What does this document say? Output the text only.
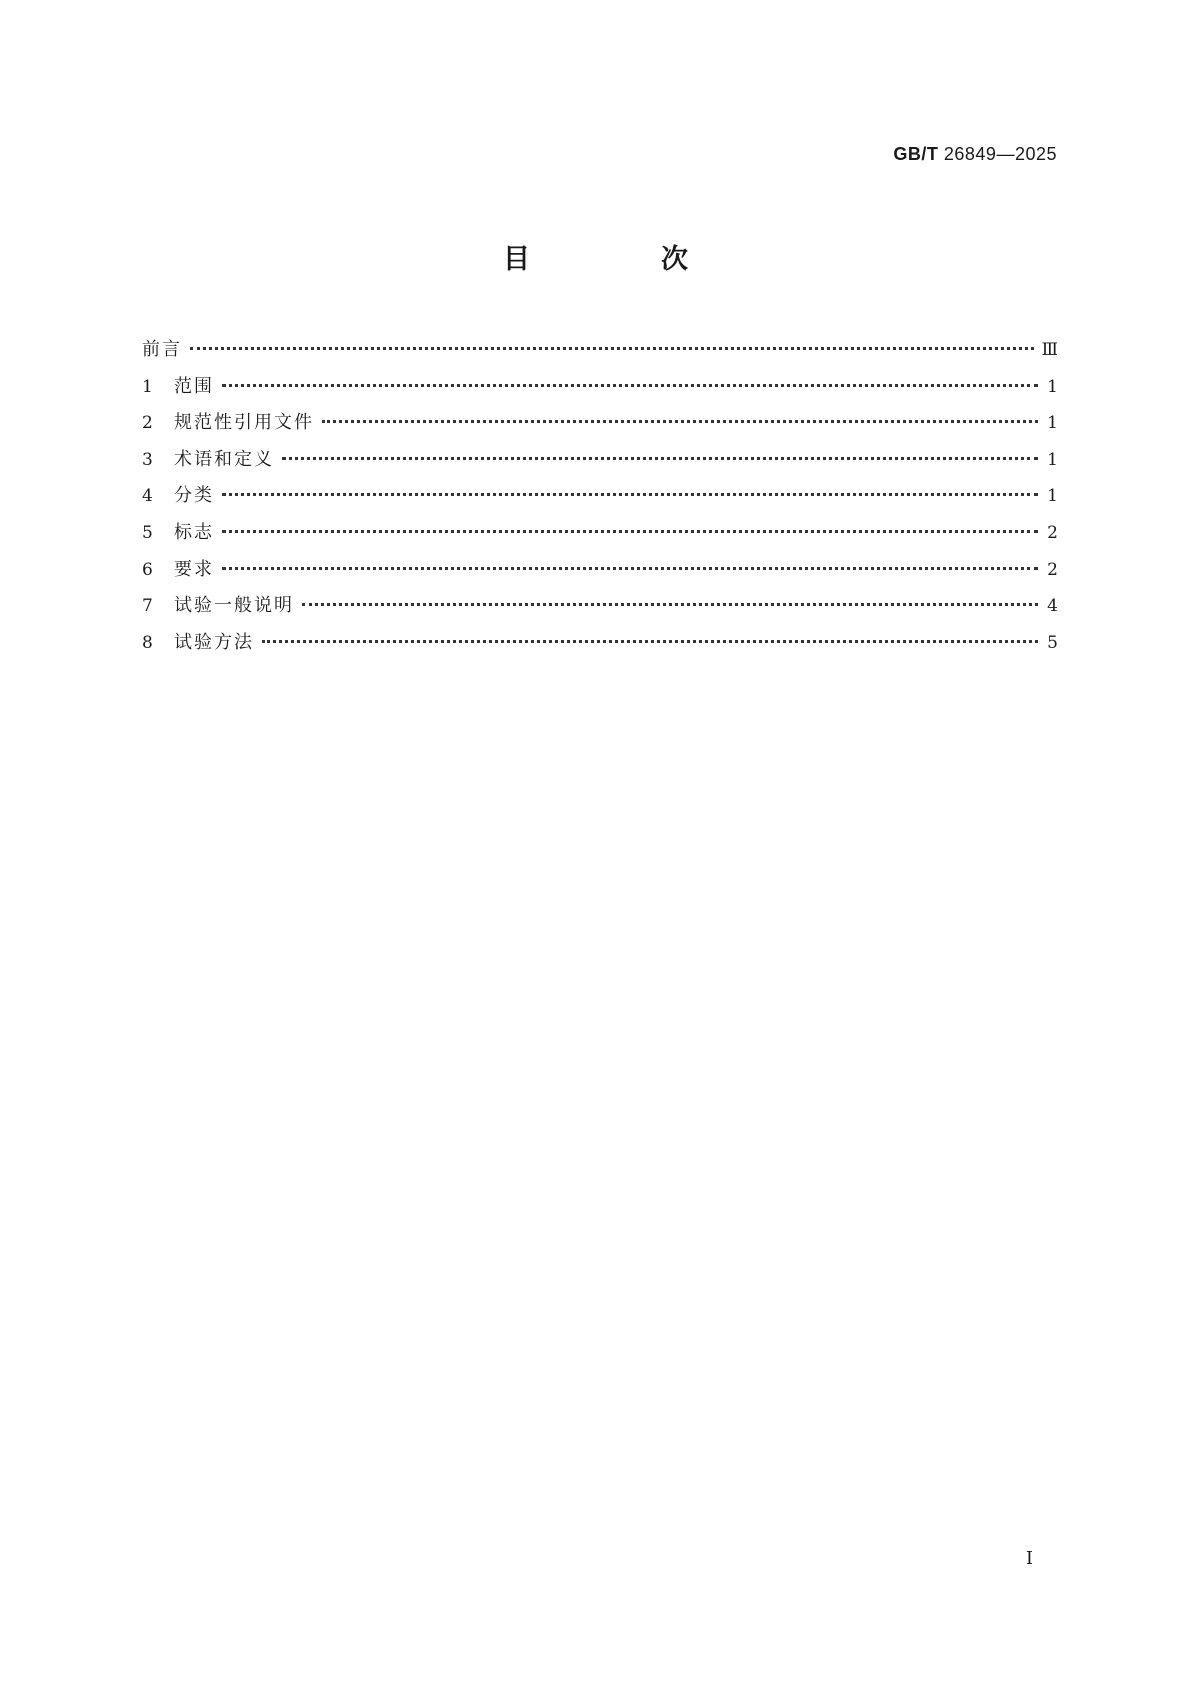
GB/T 26849—2025
目　次
前言	Ⅲ
1	范围	1
2	规范性引用文件	1
3	术语和定义	1
4	分类	1
5	标志	2
6	要求	2
7	试验一般说明	4
8	试验方法	5
Ⅰ
